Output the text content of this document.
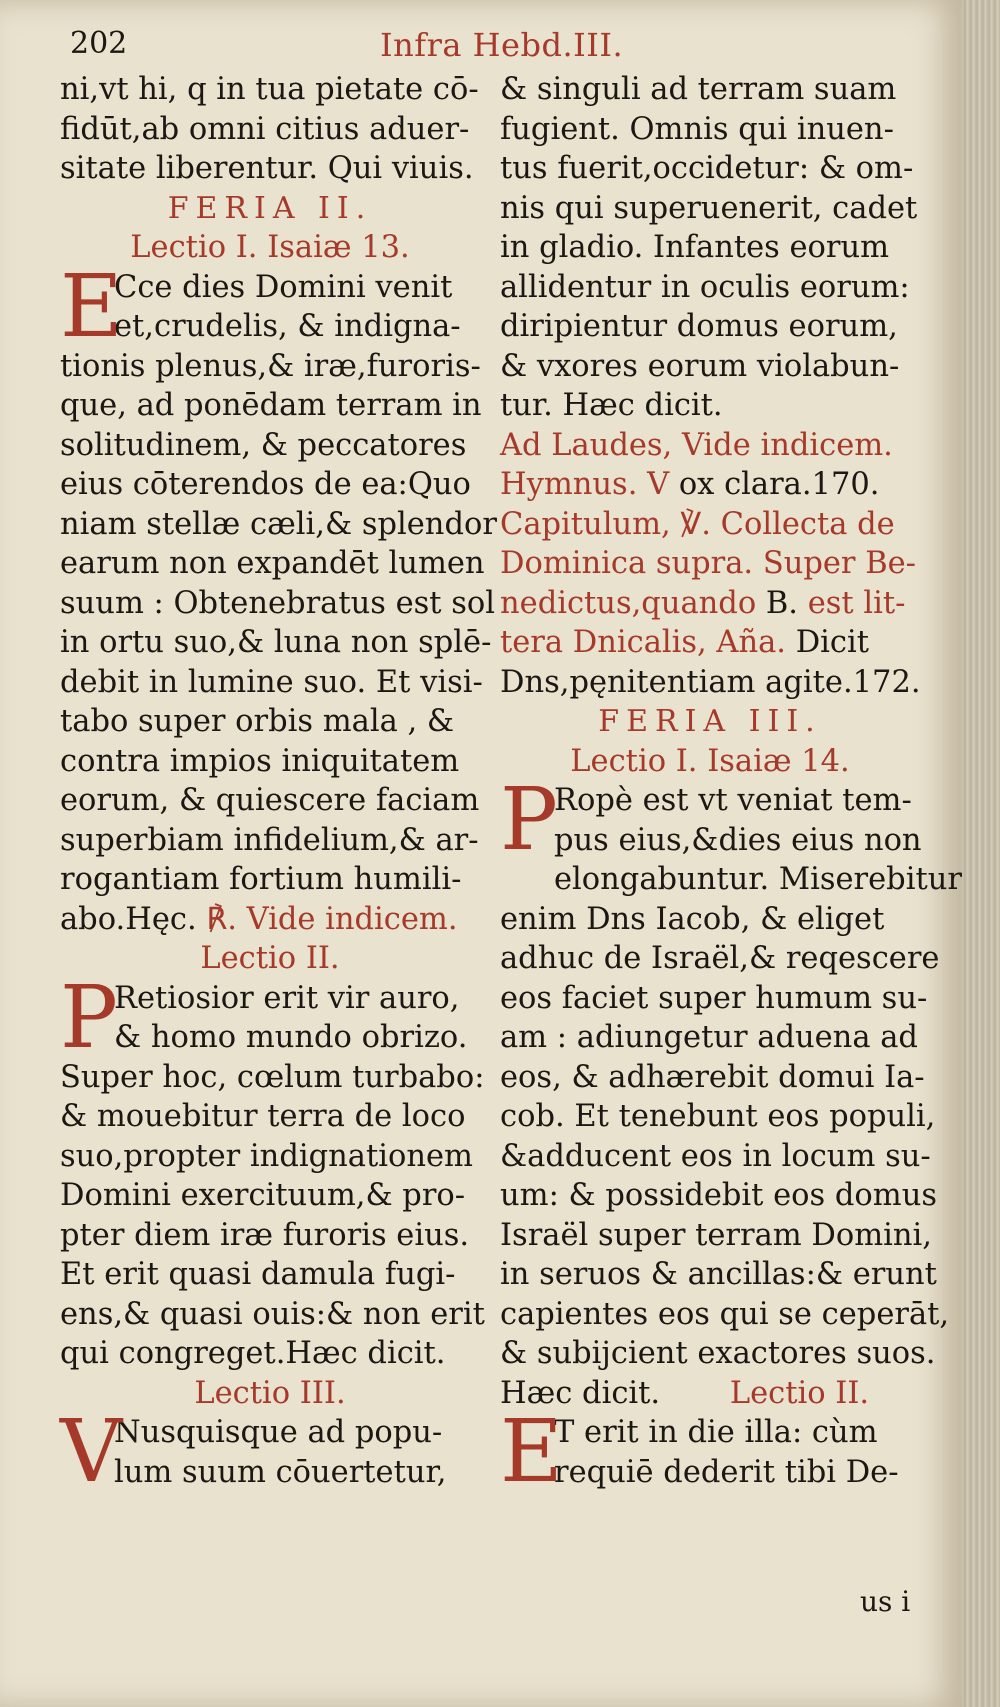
202	Infra Hebd.III.
ni,vt hi, q in tua pietate cō-
fidūt,ab omni citius aduer-
sitate liberentur. Qui viuis.
FERIA II.
Lectio I. Isaiæ 13.
E
Cce dies Domini venit
et,crudelis, & indigna-
tionis plenus,& iræ,furoris-
que, ad ponēdam terram in
solitudinem, & peccatores
eius cōterendos de ea:Quo
niam stellæ cæli,& splendor
earum non expandēt lumen
suum : Obtenebratus est sol
in ortu suo,& luna non splē-
debit in lumine suo. Et visi-
tabo super orbis mala , &
contra impios iniquitatem
eorum, & quiescere faciam
superbiam infidelium,& ar-
rogantiam fortium humili-
abo.Hęc. ℟. Vide indicem.
Lectio II.
P
Retiosior erit vir auro,
& homo mundo obrizo.
Super hoc, cœlum turbabo:
& mouebitur terra de loco
suo,propter indignationem
Domini exercituum,& pro-
pter diem iræ furoris eius.
Et erit quasi damula fugi-
ens,& quasi ouis:& non erit
qui congreget.Hæc dicit.
Lectio III.
V
Nusquisque ad popu-
lum suum cōuertetur,
& singuli ad terram suam
fugient. Omnis qui inuen-
tus fuerit,occidetur: & om-
nis qui superuenerit, cadet
in gladio. Infantes eorum
allidentur in oculis eorum:
diripientur domus eorum,
& vxores eorum violabun-
tur. Hæc dicit.
Ad Laudes, Vide indicem.
Hymnus. V ox clara.170.
Capitulum, ℣. Collecta de
Dominica supra. Super Be-
nedictus,quando B. est lit-
tera Dnicalis, Aña. Dicit
Dns,pęnitentiam agite.172.
FERIA III.
Lectio I. Isaiæ 14.
P
Ropè est vt veniat tem-
pus eius,&dies eius non
elongabuntur. Miserebitur
enim Dns Iacob, & eliget
adhuc de Israël,& reqescere
eos faciet super humum su-
am : adiungetur aduena ad
eos, & adhærebit domui Ia-
cob. Et tenebunt eos populi,
&adducent eos in locum su-
um: & possidebit eos domus
Israël super terram Domini,
in seruos & ancillas:& erunt
capientes eos qui se ceperāt,
& subijcient exactores suos.
Hæc dicit. Lectio II.
E
T erit in die illa: cùm
requiē dederit tibi De-
us i
